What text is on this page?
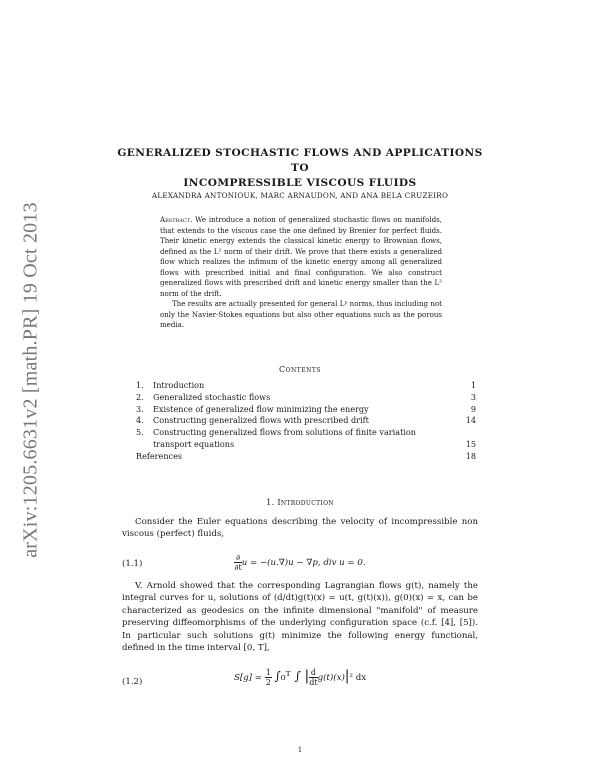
arXiv:1205.6631v2 [math.PR] 19 Oct 2013
GENERALIZED STOCHASTIC FLOWS AND APPLICATIONS TO
INCOMPRESSIBLE VISCOUS FLUIDS
ALEXANDRA ANTONIOUK, MARC ARNAUDON, AND ANA BELA CRUZEIRO

Abstract. We introduce a notion of generalized stochastic flows on manifolds, that extends to the viscous case the one defined by Brenier for perfect fluids. Their kinetic energy extends the classical kinetic energy to Brownian flows, defined as the L² norm of their drift. We prove that there exists a generalized flow which realizes the infimum of the kinetic energy among all generalized flows with prescribed initial and final configuration. We also construct generalized flows with prescribed drift and kinetic energy smaller than the L² norm of the drift.

The results are actually presented for general Lᵖ norms, thus including not only the Navier-Stokes equations but also other equations such as the porous media.

Contents
1. Introduction	1
2. Generalized stochastic flows	3
3. Existence of generalized flow minimizing the energy	9
4. Constructing generalized flows with prescribed drift	14
5. Constructing generalized flows from solutions of finite variation
transport equations	15
References	18
1. Introduction

Consider the Euler equations describing the velocity of incompressible non viscous (perfect) fluids,

(1.1)	$\frac{\partial}{\partial t}$ u = −(u.∇)u − ∇p, div u = 0.

V. Arnold showed that the corresponding Lagrangian flows g(t), namely the integral curves for u, solutions of (d/dt)g(t)(x) = u(t, g(t)(x)), g(0)(x) = x, can be characterized as geodesics on the infinite dimensional "manifold" of measure preserving diffeomorphisms of the underlying configuration space (c.f. [4], [5]). In particular such solutions g(t) minimize the following energy functional, defined in the time interval [0, T],

(1.2)	$S[g] = \frac{1}{2}$ ∫₀ᵀ ∫ | $\frac{d}{dt} g(t)(x)|^2$ dx
1
